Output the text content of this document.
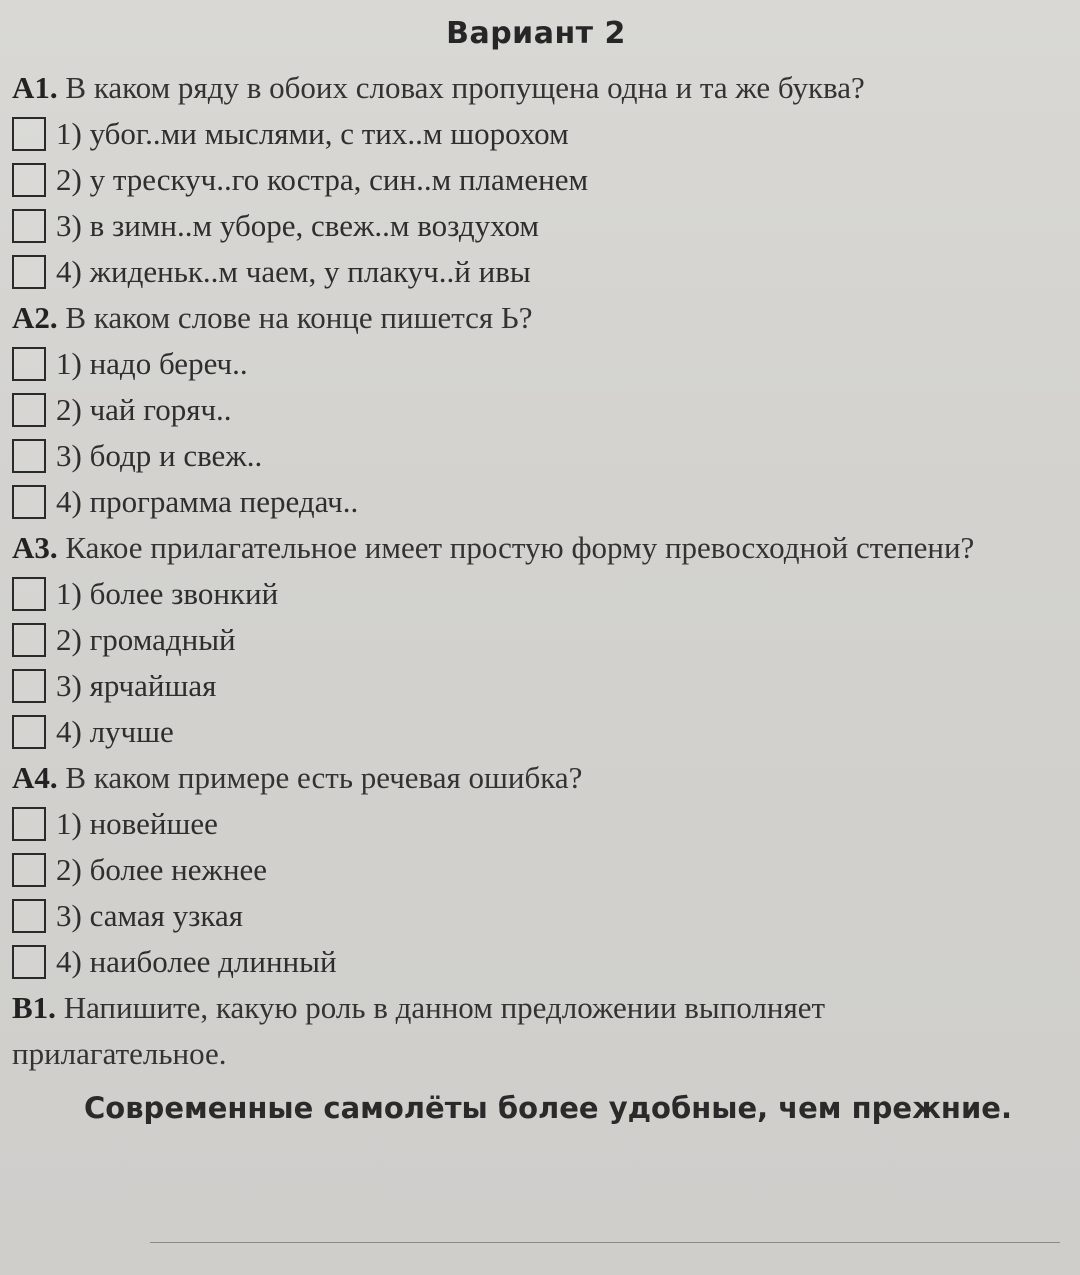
Вариант 2

А1. В каком ряду в обоих словах пропущена одна и та же буква?

1) убог..ми мыслями, с тих..м шорохом
2) у трескуч..го костра, син..м пламенем
3) в зимн..м уборе, свеж..м воздухом
4) жиденьк..м чаем, у плакуч..й ивы

А2. В каком слове на конце пишется Ь?

1) надо береч..
2) чай горяч..
3) бодр и свеж..
4) программа передач..

А3. Какое прилагательное имеет простую форму превосходной степени?

1) более звонкий
2) громадный
3) ярчайшая
4) лучше

А4. В каком примере есть речевая ошибка?

1) новейшее
2) более нежнее
3) самая узкая
4) наиболее длинный

В1. Напишите, какую роль в данном предложении выполняет прилагательное.

Современные самолёты более удобные, чем прежние.
